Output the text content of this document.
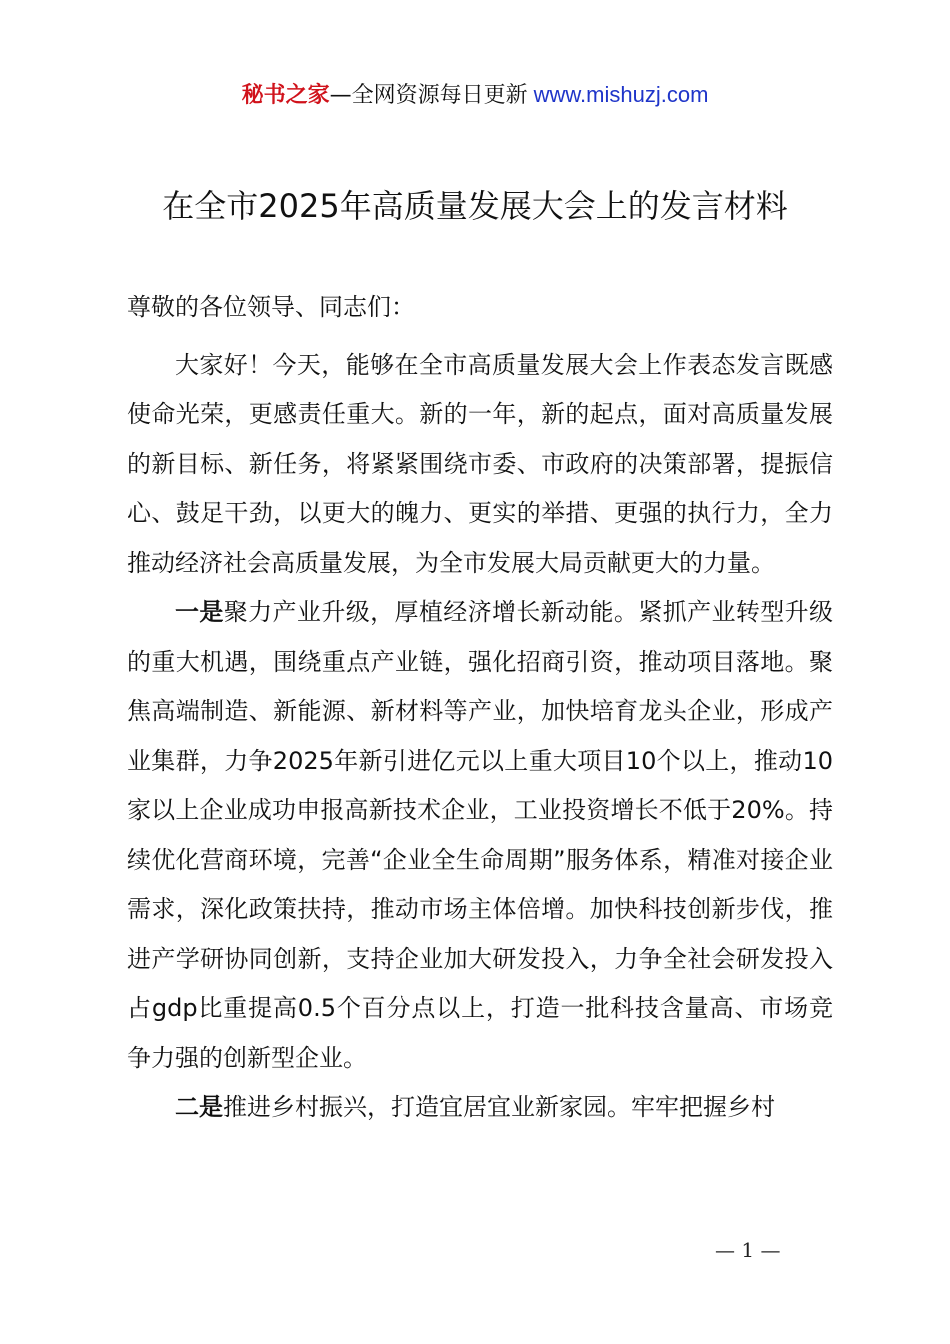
秘书之家—全网资源每日更新 www.mishuzj.com
在全市2025年高质量发展大会上的发言材料

尊敬的各位领导、同志们：

大家好！今天，能够在全市高质量发展大会上作表态发言既感使命光荣，更感责任重大。新的一年，新的起点，面对高质量发展的新目标、新任务，将紧紧围绕市委、市政府的决策部署，提振信心、鼓足干劲，以更大的魄力、更实的举措、更强的执行力，全力推动经济社会高质量发展，为全市发展大局贡献更大的力量。

一是聚力产业升级，厚植经济增长新动能。紧抓产业转型升级的重大机遇，围绕重点产业链，强化招商引资，推动项目落地。聚焦高端制造、新能源、新材料等产业，加快培育龙头企业，形成产业集群，力争2025年新引进亿元以上重大项目10个以上，推动10家以上企业成功申报高新技术企业，工业投资增长不低于20%。持续优化营商环境，完善“企业全生命周期”服务体系，精准对接企业需求，深化政策扶持，推动市场主体倍增。加快科技创新步伐，推进产学研协同创新，支持企业加大研发投入，力争全社会研发投入占gdp比重提高0.5个百分点以上，打造一批科技含量高、市场竞争力强的创新型企业。

二是推进乡村振兴，打造宜居宜业新家园。牢牢把握乡村

— 1 —
